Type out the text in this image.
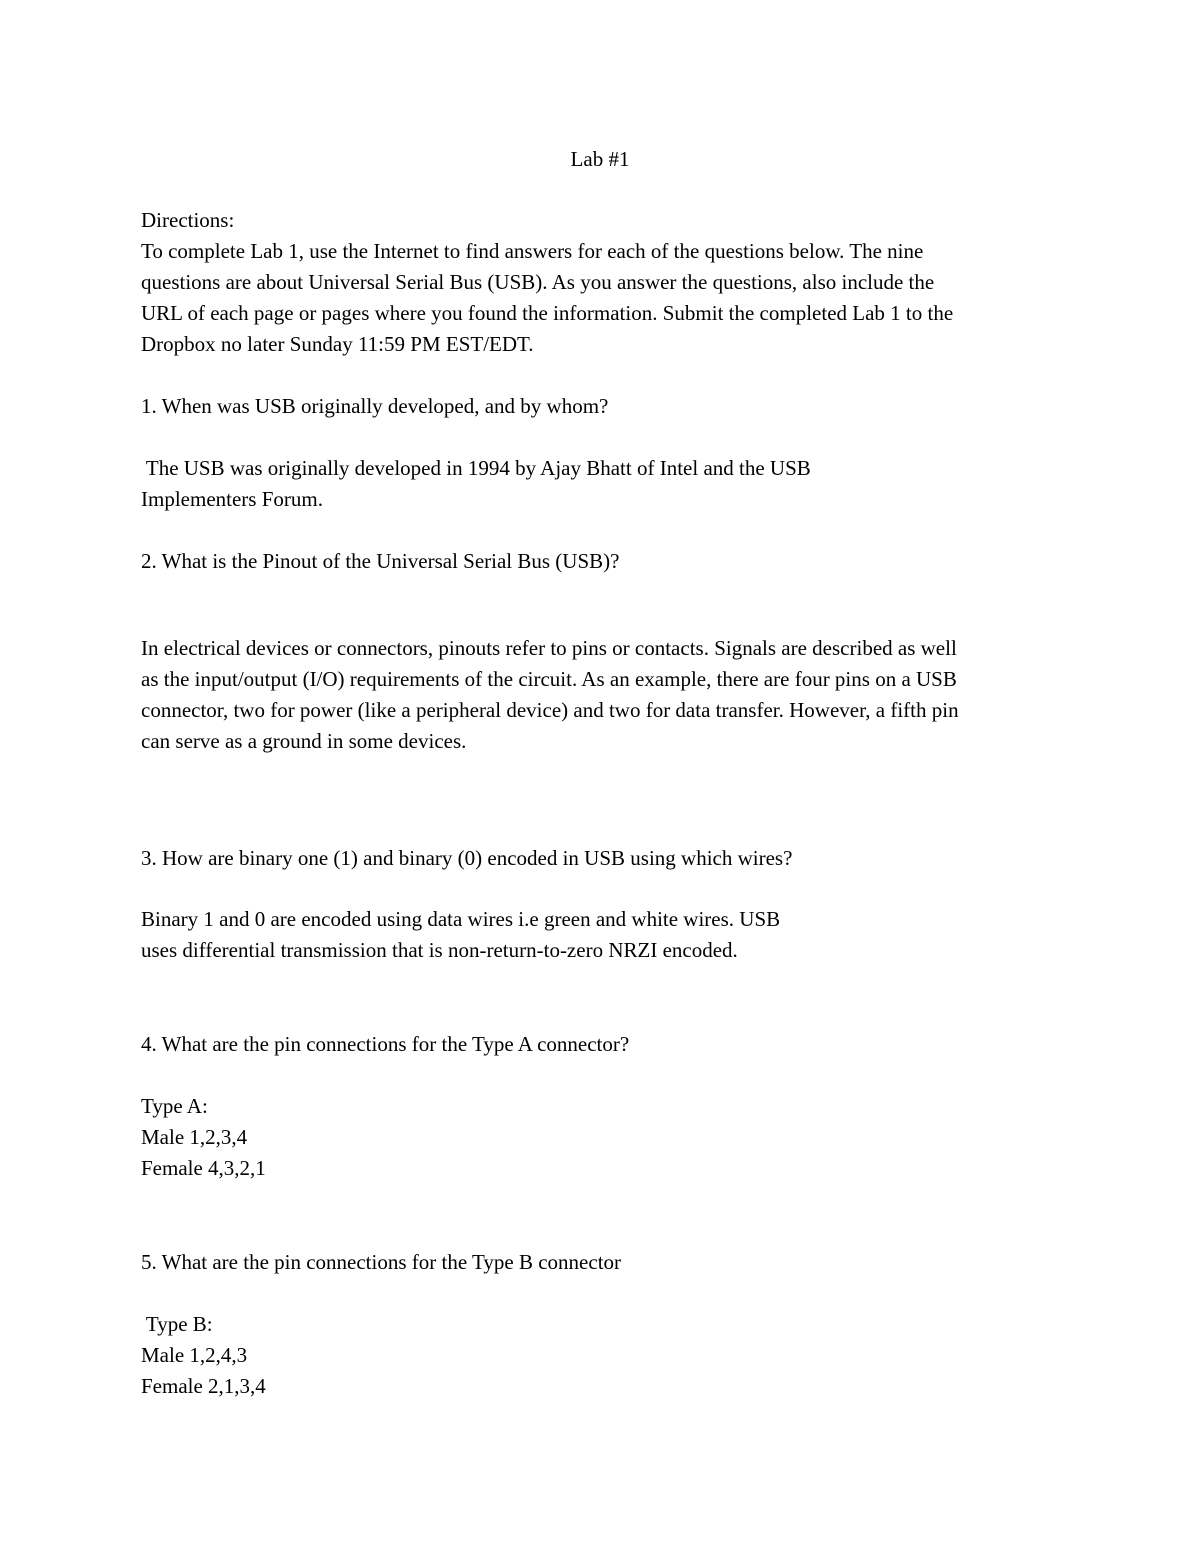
Lab #1
Directions:
To complete Lab 1, use the Internet to find answers for each of the questions below. The nine
questions are about Universal Serial Bus (USB). As you answer the questions, also include the
URL of each page or pages where you found the information. Submit the completed Lab 1 to the
Dropbox no later Sunday 11:59 PM EST/EDT.
1. When was USB originally developed, and by whom?
The USB was originally developed in 1994 by Ajay Bhatt of Intel and the USB
Implementers Forum.
2. What is the Pinout of the Universal Serial Bus (USB)?
In electrical devices or connectors, pinouts refer to pins or contacts. Signals are described as well
as the input/output (I/O) requirements of the circuit. As an example, there are four pins on a USB
connector, two for power (like a peripheral device) and two for data transfer. However, a fifth pin
can serve as a ground in some devices.
3. How are binary one (1) and binary (0) encoded in USB using which wires?
Binary 1 and 0 are encoded using data wires i.e green and white wires. USB
uses differential transmission that is non-return-to-zero NRZI encoded.
4. What are the pin connections for the Type A connector?
Type A:
Male 1,2,3,4
Female 4,3,2,1
5. What are the pin connections for the Type B connector
Type B:
Male 1,2,4,3
Female 2,1,3,4
